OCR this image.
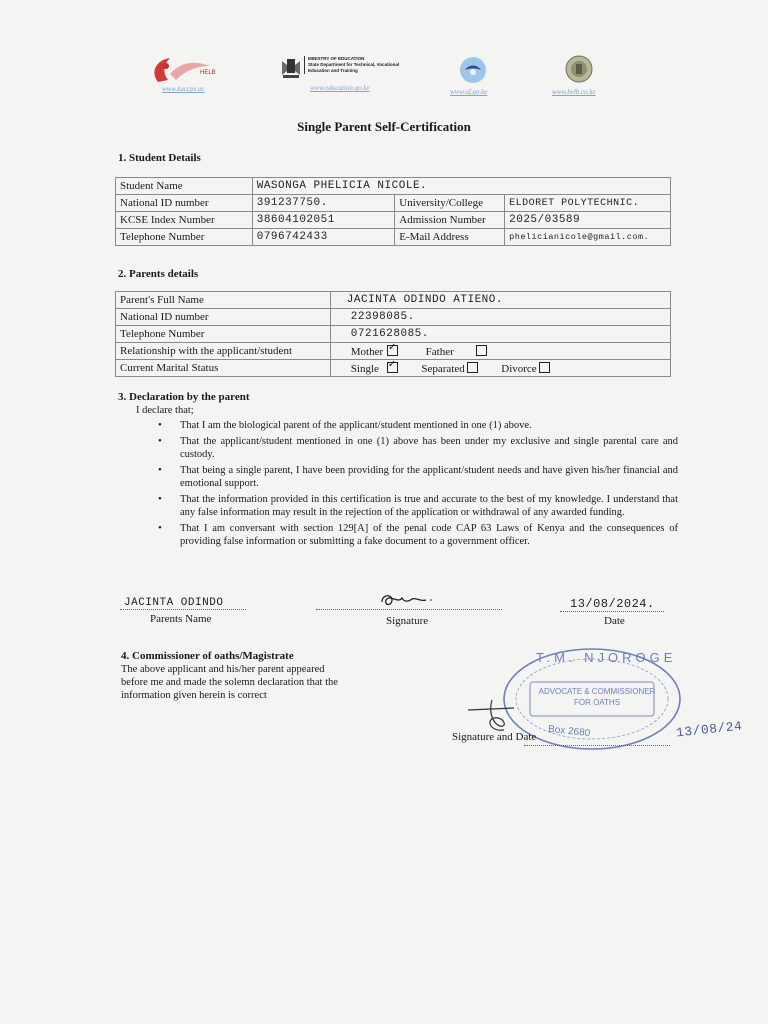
HELB
www.kuccps.ac
MINISTRY OF EDUCATION
State Department for Technical, Vocational
Education and Training
www.education.go.ke	www.uf.go.ke	www.helb.co.ke
Single Parent Self-Certification
1. Student Details
Student Name	WASONGA PHELICIA NICOLE.		
National ID number	391237750.	University/College	ELDORET POLYTECHNIC.
KCSE Index Number	38604102051	Admission Number	2025/03589
Telephone Number	0796742433	E-Mail Address	phelicianicole@gmail.com.
2. Parents details
Parent's Full Name	JACINTA ODINDO ATIENO.
National ID number	22398085.
Telephone Number	0721628085.
Relationship with the applicant/student	Mother ✓ Father
Current Marital Status	Single ✓ Separated Divorce
3. Declaration by the parent
I declare that;
• That I am the biological parent of the applicant/student mentioned in one (1) above.
• That the applicant/student mentioned in one (1) above has been under my exclusive and single parental care and custody.
• That being a single parent, I have been providing for the applicant/student needs and have given his/her financial and emotional support.
• That the information provided in this certification is true and accurate to the best of my knowledge. I understand that any false information may result in the rejection of the application or withdrawal of any awarded funding.
• That I am conversant with section 129[A] of the penal code CAP 63 Laws of Kenya and the consequences of providing false information or submitting a fake document to a government officer.
JACINTA ODINDO
Parents Name	Signature
13/08/2024.
Date
4. Commissioner of oaths/Magistrate
The above applicant and his/her parent appeared before me and made the solemn declaration that the information given herein is correct
T.M. NJOROGE
ADVOCATE & COMMISSIONER
FOR OATHS
Box 2680	13/08/24
Signature and Date
